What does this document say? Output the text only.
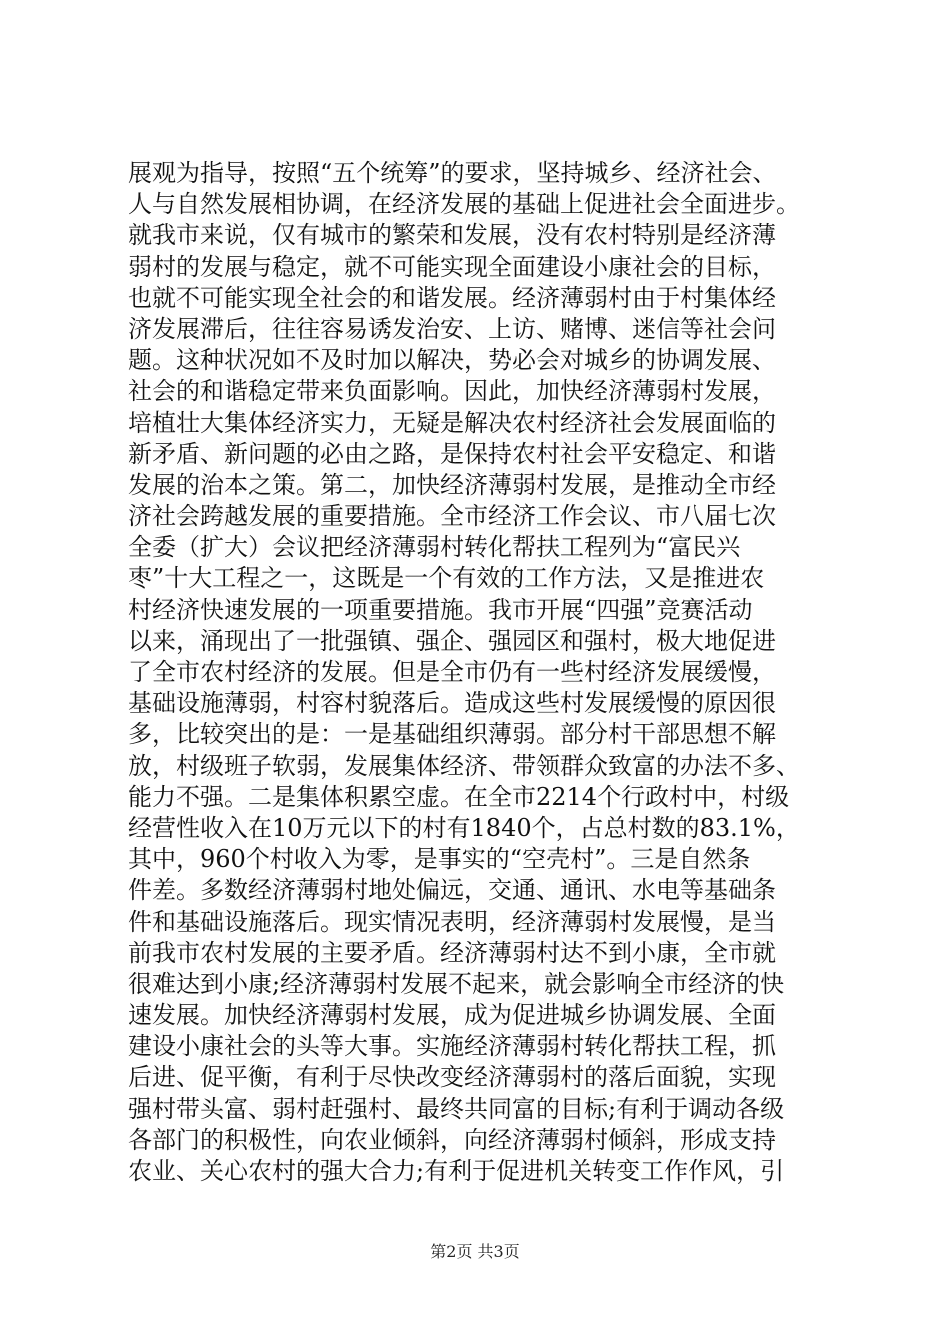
展观为指导，按照“五个统筹”的要求，坚持城乡、经济社会、
人与自然发展相协调，在经济发展的基础上促进社会全面进步。
就我市来说，仅有城市的繁荣和发展，没有农村特别是经济薄
弱村的发展与稳定，就不可能实现全面建设小康社会的目标，
也就不可能实现全社会的和谐发展。经济薄弱村由于村集体经
济发展滞后，往往容易诱发治安、上访、赌博、迷信等社会问
题。这种状况如不及时加以解决，势必会对城乡的协调发展、
社会的和谐稳定带来负面影响。因此，加快经济薄弱村发展，
培植壮大集体经济实力，无疑是解决农村经济社会发展面临的
新矛盾、新问题的必由之路，是保持农村社会平安稳定、和谐
发展的治本之策。第二，加快经济薄弱村发展，是推动全市经
济社会跨越发展的重要措施。全市经济工作会议、市八届七次
全委（扩大）会议把经济薄弱村转化帮扶工程列为“富民兴
枣”十大工程之一，这既是一个有效的工作方法，又是推进农
村经济快速发展的一项重要措施。我市开展“四强”竞赛活动
以来，涌现出了一批强镇、强企、强园区和强村，极大地促进
了全市农村经济的发展。但是全市仍有一些村经济发展缓慢，
基础设施薄弱，村容村貌落后。造成这些村发展缓慢的原因很
多，比较突出的是：一是基础组织薄弱。部分村干部思想不解
放，村级班子软弱，发展集体经济、带领群众致富的办法不多、
能力不强。二是集体积累空虚。在全市2214个行政村中，村级
经营性收入在10万元以下的村有1840个，占总村数的83.1%，
其中，960个村收入为零，是事实的“空壳村”。三是自然条
件差。多数经济薄弱村地处偏远，交通、通讯、水电等基础条
件和基础设施落后。现实情况表明，经济薄弱村发展慢，是当
前我市农村发展的主要矛盾。经济薄弱村达不到小康，全市就
很难达到小康;经济薄弱村发展不起来，就会影响全市经济的快
速发展。加快经济薄弱村发展，成为促进城乡协调发展、全面
建设小康社会的头等大事。实施经济薄弱村转化帮扶工程，抓
后进、促平衡，有利于尽快改变经济薄弱村的落后面貌，实现
强村带头富、弱村赶强村、最终共同富的目标;有利于调动各级
各部门的积极性，向农业倾斜，向经济薄弱村倾斜，形成支持
农业、关心农村的强大合力;有利于促进机关转变工作作风，引
第2页 共3页
